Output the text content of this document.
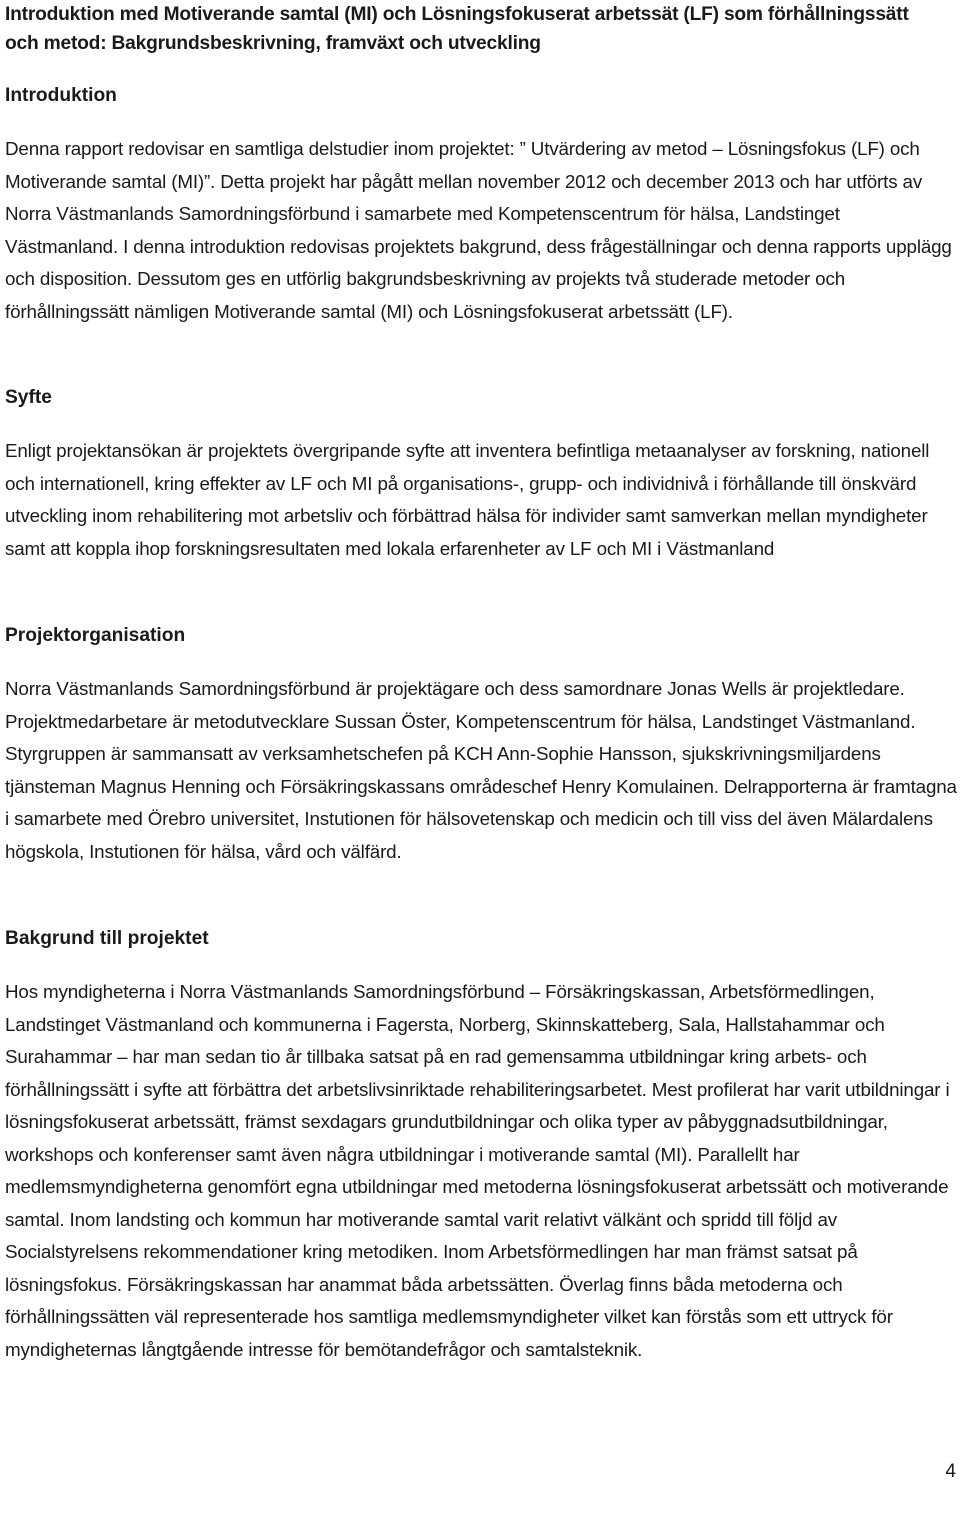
Introduktion med Motiverande samtal (MI) och Lösningsfokuserat arbetssät (LF) som förhållningssätt och metod: Bakgrundsbeskrivning, framväxt och utveckling
Introduktion

Denna rapport redovisar en samtliga delstudier inom projektet: ” Utvärdering av metod – Lösningsfokus (LF) och Motiverande samtal (MI)”. Detta projekt har pågått mellan november 2012 och december 2013 och har utförts av Norra Västmanlands Samordningsförbund i samarbete med Kompetenscentrum för hälsa, Landstinget Västmanland. I denna introduktion redovisas projektets bakgrund, dess frågeställningar och denna rapports upplägg och disposition. Dessutom ges en utförlig bakgrundsbeskrivning av projekts två studerade metoder och förhållningssätt nämligen Motiverande samtal (MI) och Lösningsfokuserat arbetssätt (LF).

Syfte

Enligt projektansökan är projektets övergripande syfte att inventera befintliga metaanalyser av forskning, nationell och internationell, kring effekter av LF och MI på organisations-, grupp- och individnivå i förhållande till önskvärd utveckling inom rehabilitering mot arbetsliv och förbättrad hälsa för individer samt samverkan mellan myndigheter samt att koppla ihop forskningsresultaten med lokala erfarenheter av LF och MI i Västmanland

Projektorganisation

Norra Västmanlands Samordningsförbund är projektägare och dess samordnare Jonas Wells är projektledare. Projektmedarbetare är metodutvecklare Sussan Öster, Kompetenscentrum för hälsa, Landstinget Västmanland. Styrgruppen är sammansatt av verksamhetschefen på KCH Ann-Sophie Hansson, sjukskrivningsmiljardens tjänsteman Magnus Henning och Försäkringskassans områdeschef Henry Komulainen. Delrapporterna är framtagna i samarbete med Örebro universitet, Instutionen för hälsovetenskap och medicin och till viss del även Mälardalens högskola, Instutionen för hälsa, vård och välfärd.

Bakgrund till projektet

Hos myndigheterna i Norra Västmanlands Samordningsförbund – Försäkringskassan, Arbetsförmedlingen, Landstinget Västmanland och kommunerna i Fagersta, Norberg, Skinnskatteberg, Sala, Hallstahammar och Surahammar – har man sedan tio år tillbaka satsat på en rad gemensamma utbildningar kring arbets- och förhållningssätt i syfte att förbättra det arbetslivsinriktade rehabiliteringsarbetet. Mest profilerat har varit utbildningar i lösningsfokuserat arbetssätt, främst sexdagars grundutbildningar och olika typer av påbyggnadsutbildningar, workshops och konferenser samt även några utbildningar i motiverande samtal (MI). Parallellt har medlemsmyndigheterna genomfört egna utbildningar med metoderna lösningsfokuserat arbetssätt och motiverande samtal. Inom landsting och kommun har motiverande samtal varit relativt välkänt och spridd till följd av Socialstyrelsens rekommendationer kring metodiken. Inom Arbetsförmedlingen har man främst satsat på lösningsfokus. Försäkringskassan har anammat båda arbetssätten. Överlag finns båda metoderna och förhållningssätten väl representerade hos samtliga medlemsmyndigheter vilket kan förstås som ett uttryck för myndigheternas långtgående intresse för bemötandefrågor och samtalsteknik.

4
